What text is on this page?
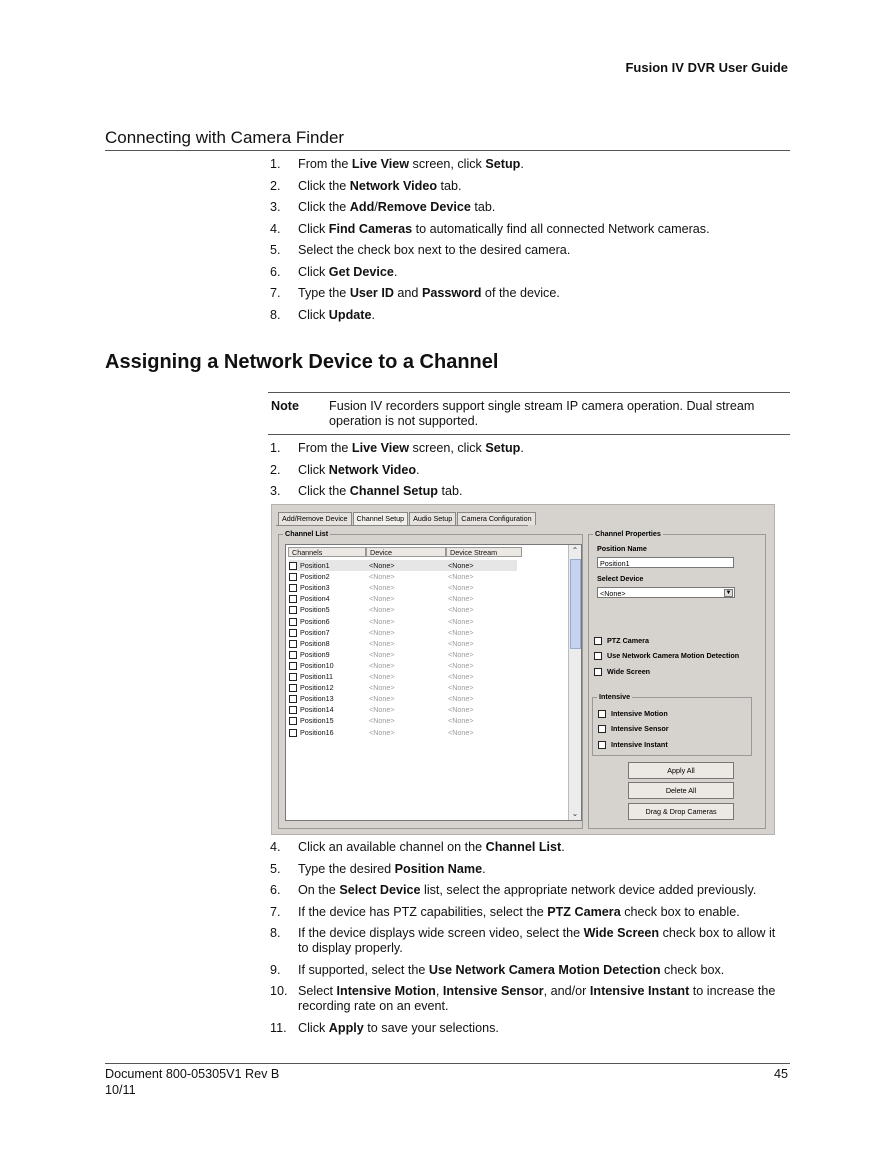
Fusion IV DVR User Guide
Connecting with Camera Finder
1. From the Live View screen, click Setup.
2. Click the Network Video tab.
3. Click the Add/Remove Device tab.
4. Click Find Cameras to automatically find all connected Network cameras.
5. Select the check box next to the desired camera.
6. Click Get Device.
7. Type the User ID and Password of the device.
8. Click Update.
Assigning a Network Device to a Channel
Note Fusion IV recorders support single stream IP camera operation. Dual stream operation is not supported.
1. From the Live View screen, click Setup.
2. Click Network Video.
3. Click the Channel Setup tab.
Add/Remove Device	Channel Setup	Audio Setup	Camera Configuration
Channel List	Channel Properties
Position Name
Position1
Select Device
<None>	▼
PTZ Camera
Use Network Camera Motion Detection
Wide Screen
Intensive
Intensive Motion
Intensive Sensor
Intensive Instant
Apply All
Delete All
Drag & Drop Cameras
Channels	Device	Device Stream
Position1	<None>	<None>
Position2	<None>	<None>
Position3	<None>	<None>
Position4	<None>	<None>
Position5	<None>	<None>
Position6	<None>	<None>
Position7	<None>	<None>
Position8	<None>	<None>
Position9	<None>	<None>
Position10	<None>	<None>
Position11	<None>	<None>
Position12	<None>	<None>
Position13	<None>	<None>
Position14	<None>	<None>
Position15	<None>	<None>
Position16	<None>	<None>
⌃
⌄
4. Click an available channel on the Channel List.
5. Type the desired Position Name.
6. On the Select Device list, select the appropriate network device added previously.
7. If the device has PTZ capabilities, select the PTZ Camera check box to enable.
8. If the device displays wide screen video, select the Wide Screen check box to allow it to display properly.
9. If supported, select the Use Network Camera Motion Detection check box.
10. Select Intensive Motion, Intensive Sensor, and/or Intensive Instant to increase the recording rate on an event.
11. Click Apply to save your selections.
Document 800-05305V1 Rev B
10/11
45
